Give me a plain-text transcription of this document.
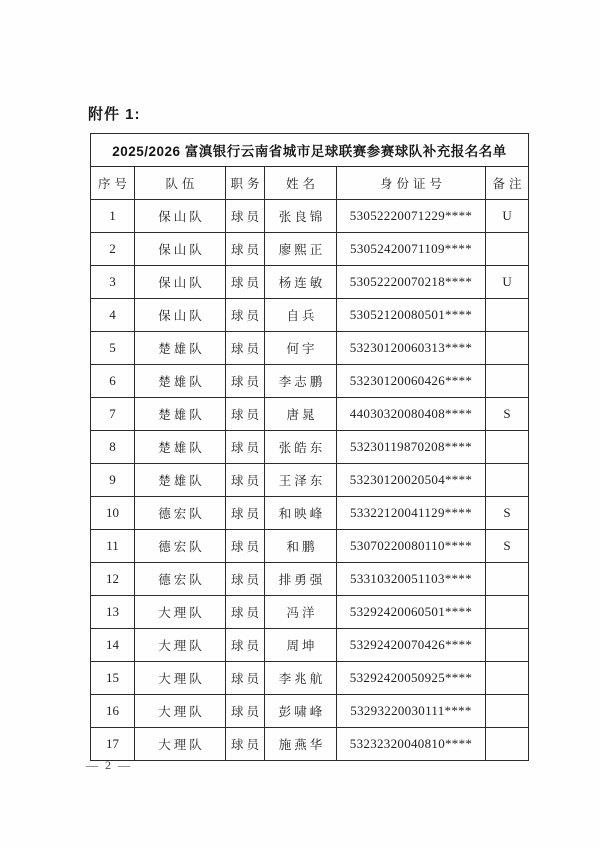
附件 1:
2025/2026 富滇银行云南省城市足球联赛参赛球队补充报名名单					
序号	队伍	职务	姓名	身份证号	备注
1	保山队	球员	张良锦	53052220071229****	U
2	保山队	球员	廖熙正	53052420071109****	
3	保山队	球员	杨连敏	53052220070218****	U
4	保山队	球员	自兵	53052120080501****	
5	楚雄队	球员	何宇	53230120060313****	
6	楚雄队	球员	李志鹏	53230120060426****	
7	楚雄队	球员	唐晁	44030320080408****	S
8	楚雄队	球员	张皓东	53230119870208****	
9	楚雄队	球员	王泽东	53230120020504****	
10	德宏队	球员	和映峰	53322120041129****	S
11	德宏队	球员	和鹏	53070220080110****	S
12	德宏队	球员	排勇强	53310320051103****	
13	大理队	球员	冯洋	53292420060501****	
14	大理队	球员	周坤	53292420070426****	
15	大理队	球员	李兆航	53292420050925****	
16	大理队	球员	彭啸峰	53293220030111****	
17	大理队	球员	施燕华	53232320040810****	
— 2 —
